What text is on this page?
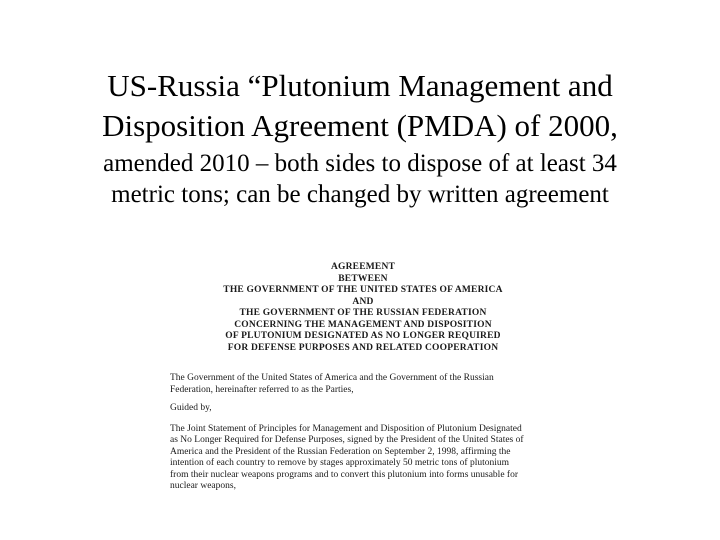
US-Russia “Plutonium Management and
Disposition Agreement (PMDA) of 2000,
amended 2010 – both sides to dispose of at least 34
metric tons; can be changed by written agreement
AGREEMENT
BETWEEN
THE GOVERNMENT OF THE UNITED STATES OF AMERICA
AND
THE GOVERNMENT OF THE RUSSIAN FEDERATION
CONCERNING THE MANAGEMENT AND DISPOSITION
OF PLUTONIUM DESIGNATED AS NO LONGER REQUIRED
FOR DEFENSE PURPOSES AND RELATED COOPERATION
The Government of the United States of America and the Government of the Russian
Federation, hereinafter referred to as the Parties,
Guided by,
The Joint Statement of Principles for Management and Disposition of Plutonium Designated
as No Longer Required for Defense Purposes, signed by the President of the United States of
America and the President of the Russian Federation on September 2, 1998, affirming the
intention of each country to remove by stages approximately 50 metric tons of plutonium
from their nuclear weapons programs and to convert this plutonium into forms unusable for
nuclear weapons,
